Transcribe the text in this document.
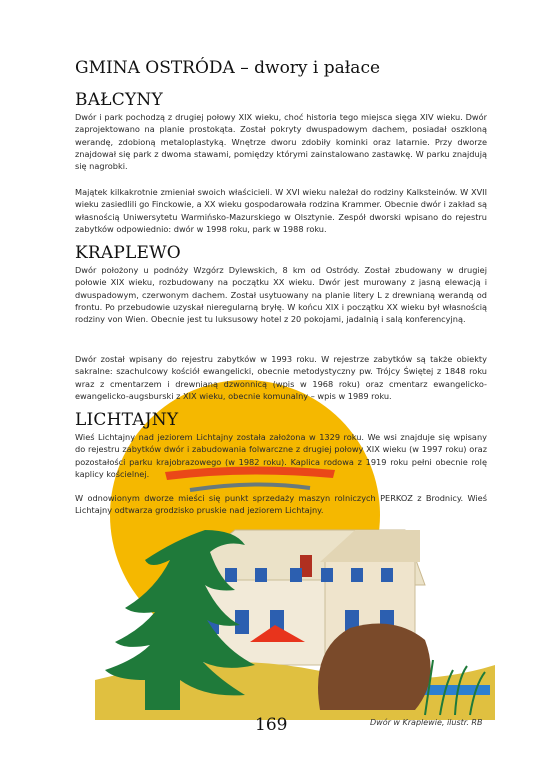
GMINA OSTRÓDA – dwory i pałace
BAŁCYNY
Dwór i park pochodzą z drugiej połowy XIX wieku, choć historia tego miejsca sięga XIV wieku. Dwór zaprojektowano na planie prostokąta. Został pokryty dwuspadowym dachem, posiadał oszkloną werandę, zdobioną metaloplastyką. Wnętrze dworu zdobiły kominki oraz latarnie. Przy dworze znajdował się park z dwoma stawami, pomiędzy którymi zainstalowano zastawkę. W parku znajdują się nagrobki.
Majątek kilkakrotnie zmieniał swoich właścicieli. W XVI wieku należał do rodziny Kalksteinów. W XVII wieku zasiedlili go Finckowie, a XX wieku gospodarowała rodzina Krammer. Obecnie dwór i zakład są własnością Uniwersytetu Warmińsko-Mazurskiego w Olsztynie. Zespół dworski wpisano do rejestru zabytków odpowiednio: dwór w 1998 roku, park w 1988 roku.
KRAPLEWO
Dwór położony u podnóży Wzgórz Dylewskich, 8 km od Ostródy. Został zbudowany w drugiej połowie XIX wieku, rozbudowany na początku XX wieku. Dwór jest murowany z jasną elewacją i dwuspadowym, czerwonym dachem. Został usytuowany na planie litery L z drewnianą werandą od frontu. Po przebudowie uzyskał nieregularną bryłę. W końcu XIX i początku XX wieku był własnością rodziny von Wien. Obecnie jest tu luksusowy hotel z 20 pokojami, jadalnią i salą konferencyjną.
Dwór został wpisany do rejestru zabytków w 1993 roku. W rejestrze zabytków są także obiekty sakralne: szachulcowy kościół ewangelicki, obecnie metodystyczny pw. Trójcy Świętej z 1848 roku wraz z cmentarzem i drewnianą dzwonnicą (wpis w 1968 roku) oraz cmentarz ewangelicko-ewangelicko-augsburski z XIX wieku, obecnie komunalny – wpis w 1989 roku.
LICHTAJNY
Wieś Lichtajny nad jeziorem Lichtajny została założona w 1329 roku. We wsi znajduje się wpisany do rejestru zabytków dwór i zabudowania folwarczne z drugiej połowy XIX wieku (w 1997 roku) oraz pozostałości parku krajobrazowego (w 1982 roku). Kaplica rodowa z 1919 roku pełni obecnie rolę kaplicy kościelnej.
W odnowionym dworze mieści się punkt sprzedaży maszyn rolniczych PERKOZ z Brodnicy. Wieś Lichtajny odtwarza grodzisko pruskie nad jeziorem Lichtajny.
169	Dwór w Kraplewie, ilustr. RB
